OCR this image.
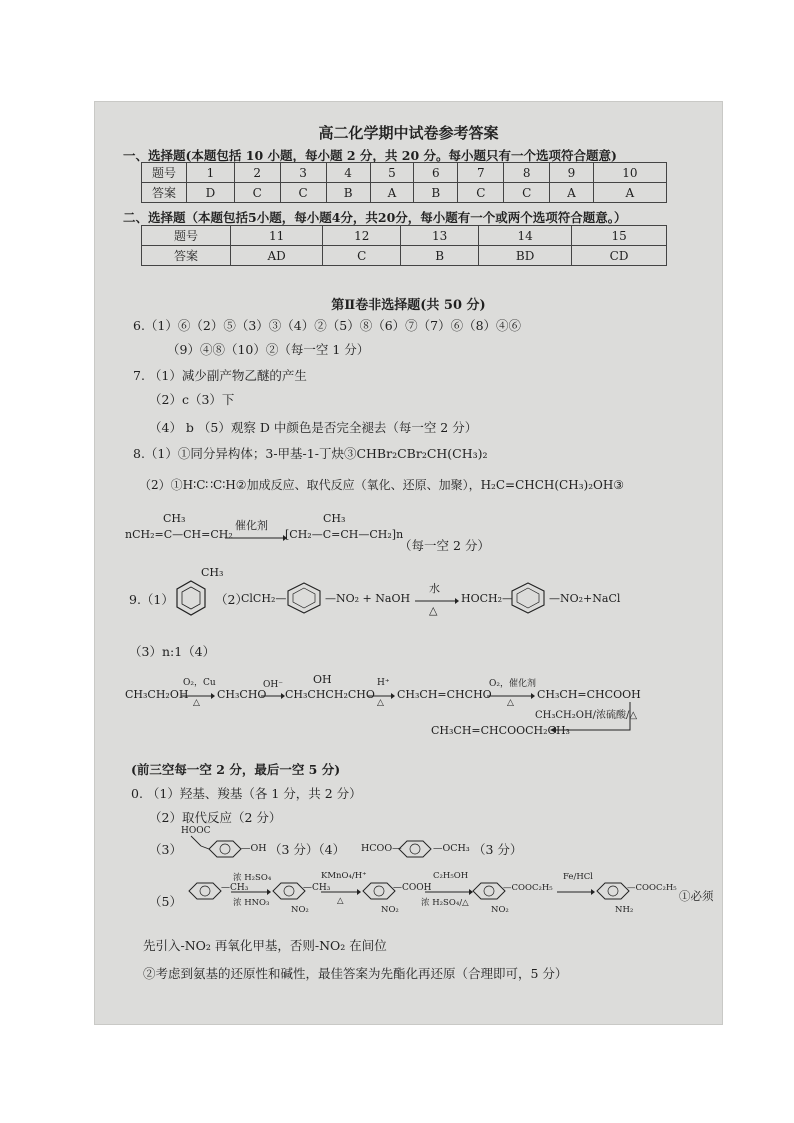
高二化学期中试卷参考答案
一、选择题(本题包括 10 小题，每小题 2 分，共 20 分。每小题只有一个选项符合题意)
题号	1	2	3	4	5	6	7	8	9	10
答案	D	C	C	B	A	B	C	C	A	A
二、选择题（本题包括5小题，每小题4分，共20分，每小题有一个或两个选项符合题意。）
题号	11	12	13	14	15
答案	AD	C	B	BD	CD
第Ⅱ卷非选择题(共 50 分)
6.（1）⑥（2）⑤（3）③（4）②（5）⑧（6）⑦（7）⑥（8）④⑥
（9）④⑧（10）②（每一空 1 分）
7. （1）减少副产物乙醚的产生
（2）c（3）下
（4） b （5）观察 D 中颜色是否完全褪去（每一空 2 分）
8.（1）①同分异构体；3-甲基-1-丁炔③CHBr₂CBr₂CH(CH₃)₂
（2）①H∶C∷C∶H②加成反应、取代反应（氧化、还原、加聚），H₂C=CHCH(CH₃)₂OH③
CH₃
nCH₂=C—CH=CH₂
催化剂
CH₃
[CH₂—C=CH—CH₂]n
（每一空 2 分）
9.（1）
CH₃
（2）
ClCH₂—	—NO₂ + NaOH
水
△
HOCH₂—	—NO₂+NaCl
（3）n:1（4）
CH₃CH₂OH
O₂，Cu
△
CH₃CHO
OH⁻	OH
CH₃CHCH₂CHO
H⁺
△
CH₃CH=CHCHO
O₂，催化剂
△
CH₃CH=CHCOOH
CH₃CH₂OH/浓硫酸/△
CH₃CH=CHCOOCH₂CH₃
(前三空每一空 2 分，最后一空 5 分)
0. （1）羟基、羧基（各 1 分，共 2 分）
（2）取代反应（2 分）
（3）
HOOC
—OH （3 分）（4） HCOO—	—OCH₃ （3 分）
（5）
—CH₃
浓 H₂SO₄
浓 HNO₃
—CH₃
NO₂
KMnO₄/H⁺
△
—COOH
NO₂
C₂H₅OH
浓 H₂SO₄/△
—COOC₂H₅
NO₂
Fe/HCl
—COOC₂H₅
NH₂
①必须
先引入-NO₂ 再氧化甲基，否则-NO₂ 在间位
②考虑到氨基的还原性和碱性，最佳答案为先酯化再还原（合理即可，5 分）
